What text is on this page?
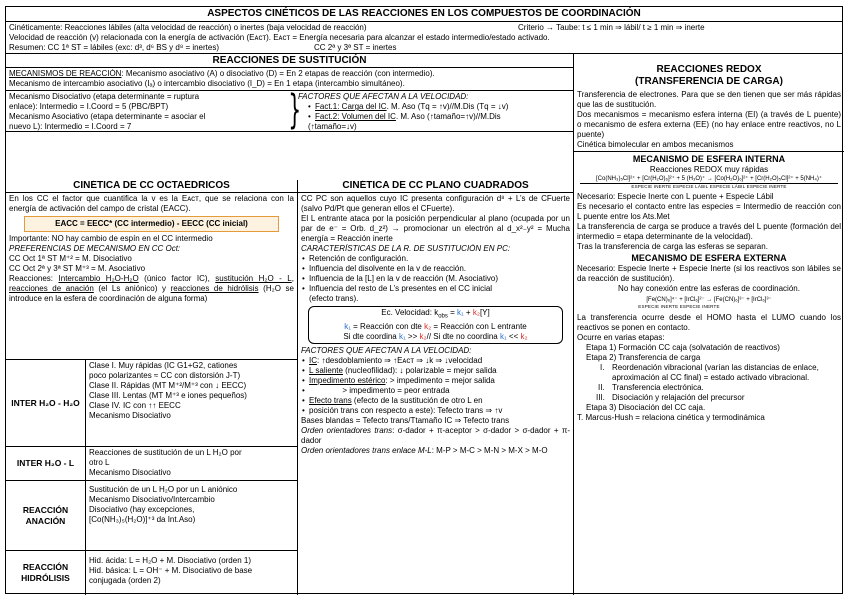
ASPECTOS CINÉTICOS DE LAS REACCIONES EN LOS COMPUESTOS DE COORDINACIÓN
Cinéticamente: Reacciones lábiles (alta velocidad de reacción) o inertes (baja velocidad de reacción)	Criterio → Taube: t ≤ 1 min ⇒ lábil/ t ≥ 1 min ⇒ inerte
Velocidad de reacción (v) relacionada con la energía de activación (Eᴀᴄᴛ). Eᴀᴄᴛ = Energía necesaria para alcanzar el estado intermedio/estado activado.
Resumen: CC 1ª ST = lábiles (exc: d³, d⁶ BS y d⁸ = inertes)	CC 2ª y 3ª ST = inertes
REACCIONES DE SUSTITUCIÓN
MECANISMOS DE REACCIÓN: Mecanismo asociativo (A) o disociativo (D) = En 2 etapas de reacción (con intermedio).
Mecanismo de intercambio asociativo (Iₐ) o intercambio disociativo (I_D) = En 1 etapa (intercambio simultáneo).
Mecanismo Disociativo (etapa determinante = ruptura
enlace): Intermedio = I.Coord = 5 (PBC/BPT)
Mecanismo Asociativo (etapa determinante = asociar el
nuevo L): Intermedio = I.Coord = 7	}
FACTORES QUE AFECTAN A LA VELOCIDAD:
• Fact.1: Carga del IC. M. Aso (Tq = ↑v)//M.Dis (Tq = ↓v)
• Fact.2: Volumen del IC. M. Aso (↑tamaño=↑v)//M.Dis
(↑tamaño=↓v)
CINÉTICA DE CC OCTAÉDRICOS
En los CC el factor que cuantifica la v es la Eᴀᴄᴛ, que se relaciona con la energía de activación del campo de cristal (EACC).
EACC = EECC* (CC intermedio) - EECC (CC inicial)
Importante: NO hay cambio de espín en el CC intermedio
PREFERENCIAS DE MECANISMO EN CC Oct:
CC Oct 1ª ST M⁺² = M. Disociativo
CC Oct 2ª y 3ª ST M⁺³ = M. Asociativo
Reacciones: Intercambio H₂O-H₂O (único factor IC), sustitución H₂O - L, reacciones de anación (el Ls aniónico) y reacciones de hidrólisis (H₂O se introduce en la esfera de coordinación de alguna forma)
INTER H₂O - H₂O
Clase I. Muy rápidas (IC G1+G2, cationes
poco polarizantes ≈ CC con distorsión J-T)
Clase II. Rápidas (MT M⁺²/M⁺³ con ↓ EECC)
Clase III. Lentas (MT M⁺³ e iones pequeños)
Clase IV. IC con ↑↑ EECC
Mecanismo Disociativo
INTER H₂O - L
Reacciones de sustitución de un L H₂O por
otro L
Mecanismo Disociativo
REACCIÓN ANACIÓN
Sustitución de un L H₂O por un L aniónico
Mecanismo Disociativo/Intercambio
Disociativo (hay excepciones,
[Co(NH₃)₅(H₂O)]⁺³ da Int.Aso)
REACCIÓN HIDRÓLISIS
Hid. ácida: L = H₂O + M. Disociativo (orden 1)
Hid. básica: L = OH⁻ + M. Disociativo de base
conjugada (orden 2)
CINÉTICA DE CC PLANO CUADRADOS
CC PC son aquellos cuyo IC presenta configuración d⁸ + L’s de CFuerte (salvo Pd/Pt que generan ellos el CFuerte).
El L entrante ataca por la posición perpendicular al plano (ocupada por un par de e⁻ = Orb. d_z²) → promocionar un electrón al d_x²₋y² = Mucha energía = Reacción inerte
CARACTERÍSTICAS DE LA R. DE SUSTITUCIÓN EN PC:
• Retención de configuración.
• Influencia del disolvente en la v de reacción.
• Influencia de la [L] en la v de reacción (M. Asociativo)
• Influencia del resto de L’s presentes en el CC inicial
(efecto trans).
Ec. Velocidad: $k_{obs} = k_1 + k_2[Y]$
k₁ = Reacción con dte k₂ = Reacción con L entrante
Si dte coordina k₁ >> k₂// Si dte no coordina k₁ << k₂
FACTORES QUE AFECTAN A LA VELOCIDAD:
• IC: ↑desdoblamiento ⇒ ↑Eᴀᴄᴛ ⇒ ↓k ⇒ ↓velocidad
• L saliente (nucleofilidad): ↓ polarizable = mejor salida
• Impedimento estérico: > impedimento = mejor salida
•                > impedimento = peor entrada
• Efecto trans (efecto de la sustitución de otro L en
• posición trans con respecto a este): Tefecto trans ⇒ ↑v
Bases blandas = Tefecto trans/Ttamaño IC ⇒ Tefecto trans
Orden orientadores trans: σ-dador + π-aceptor > σ-dador > σ-dador + π-dador
Orden orientadores trans enlace M-L: M-P > M-C > M-N > M-X > M-O
REACCIONES REDOX
(TRANSFERENCIA DE CARGA)
Transferencia de electrones. Para que se den tienen que ser más rápidas que las de sustitución.
Dos mecanismos = mecanismo esfera interna (EI) (a través de L puente) o mecanismo de esfera externa (EE) (no hay enlace entre reactivos, no L puente)
Cinética bimolecular en ambos mecanismos
MECANISMO DE ESFERA INTERNA
Reacciones REDOX muy rápidas
[Co(NH₃)₅Cl]²⁺ + [Cr(H₂O)₆]²⁺ + 5 (H₃O)⁺ → [Co(H₂O)₆]²⁺ + [Cr(H₂O)₅Cl]²⁺ + 5(NH₄)⁺
ESPECIE INERTE ESPECIE LÁBIL ESPECIE LÁBIL ESPECIE INERTE
Necesario: Especie Inerte con L puente + Especie Lábil
Es necesario el contacto entre las especies = Intermedio de reacción con L puente entre los Ats.Met
La transferencia de carga se produce a través del L puente (formación del intermedio = etapa determinante de la velocidad).
Tras la transferencia de carga las esferas se separan.
MECANISMO DE ESFERA EXTERNA
Necesario: Especie Inerte + Especie Inerte (si los reactivos son lábiles se da reacción de sustitución).
No hay conexión entre las esferas de coordinación.
[Fe(CN)₆]⁴⁻ + [IrCl₆]²⁻ → [Fe(CN)₆]³⁻ + [IrCl₆]³⁻
ESPECIE INERTE ESPECIE INERTE
La transferencia ocurre desde el HOMO hasta el LUMO cuando los reactivos se ponen en contacto.
Ocurre en varias etapas:
Etapa 1) Formación CC caja (solvatación de reactivos)
Etapa 2) Transferencia de carga
I. Reordenación vibracional (varían las distancias de enlace, aproximación al CC final) = estado activado vibracional.
II. Transferencia electrónica.
III. Disociación y relajación del precursor
Etapa 3) Disociación del CC caja.
T. Marcus-Hush = relaciona cinética y termodinámica
